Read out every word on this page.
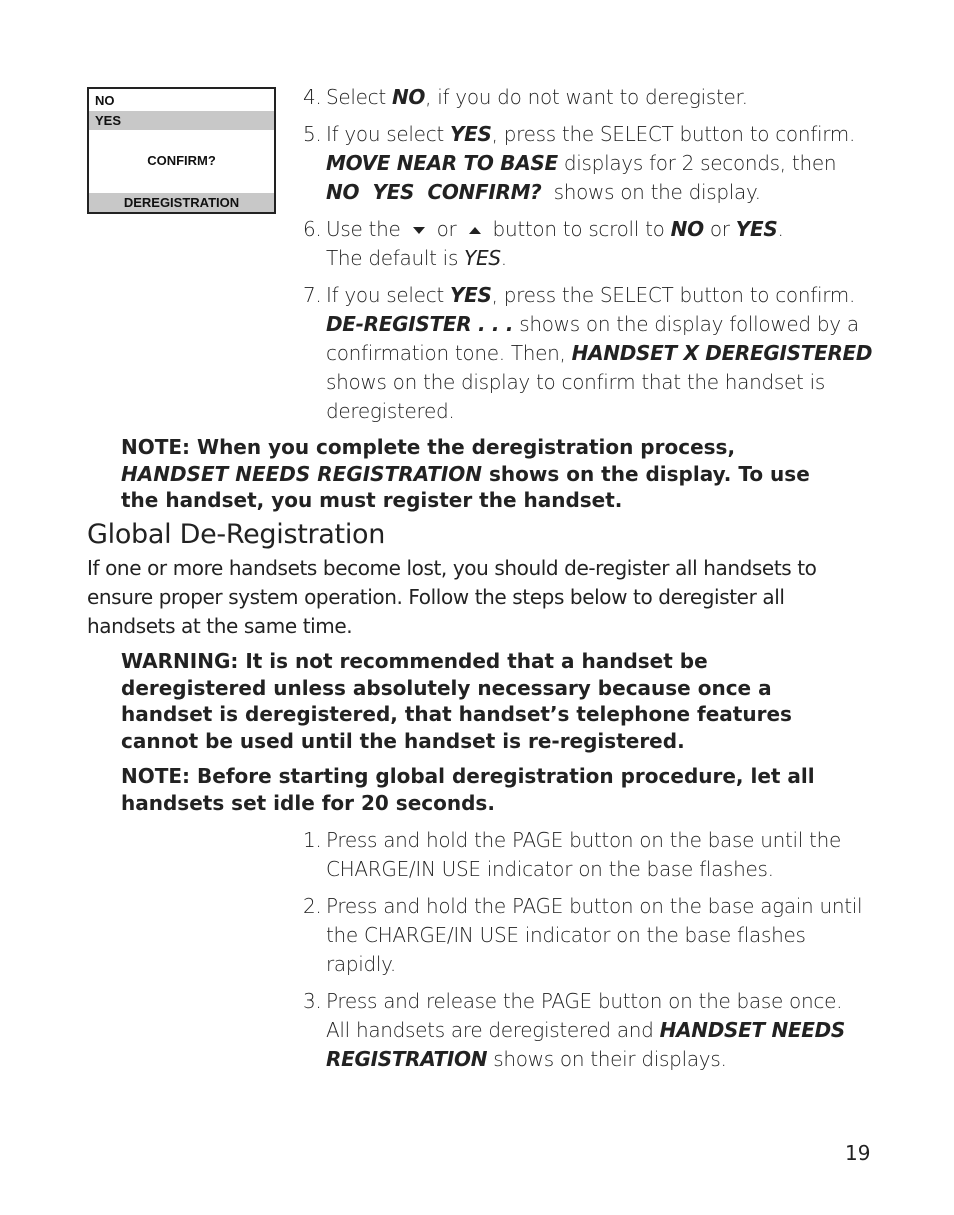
NO
YES
CONFIRM?
DEREGISTRATION
4. Select NO, if you do not want to deregister.
5. If you select YES, press the SELECT button to confirm.
MOVE NEAR TO BASE displays for 2 seconds, then
NO  YES  CONFIRM?  shows on the display.
6. Use the  or  button to scroll to NO or YES.
The default is YES.
7. If you select YES, press the SELECT button to confirm.
DE-REGISTER . . . shows on the display followed by a
confirmation tone. Then, HANDSET X DEREGISTERED
shows on the display to confirm that the handset is
deregistered.

NOTE: When you complete the deregistration process, HANDSET NEEDS REGISTRATION shows on the display. To use the handset, you must register the handset.

Global De-Registration

If one or more handsets become lost, you should de-register all handsets to ensure proper system operation. Follow the steps below to deregister all handsets at the same time.

WARNING: It is not recommended that a handset be deregistered unless absolutely necessary because once a handset is deregistered, that handset’s telephone features cannot be used until the handset is re-registered.

NOTE: Before starting global deregistration procedure, let all handsets set idle for 20 seconds.

1. Press and hold the PAGE button on the base until the CHARGE/IN USE indicator on the base flashes.
2. Press and hold the PAGE button on the base again until the CHARGE/IN USE indicator on the base flashes rapidly.
3. Press and release the PAGE button on the base once.
All handsets are deregistered and HANDSET NEEDS REGISTRATION shows on their displays.
19
